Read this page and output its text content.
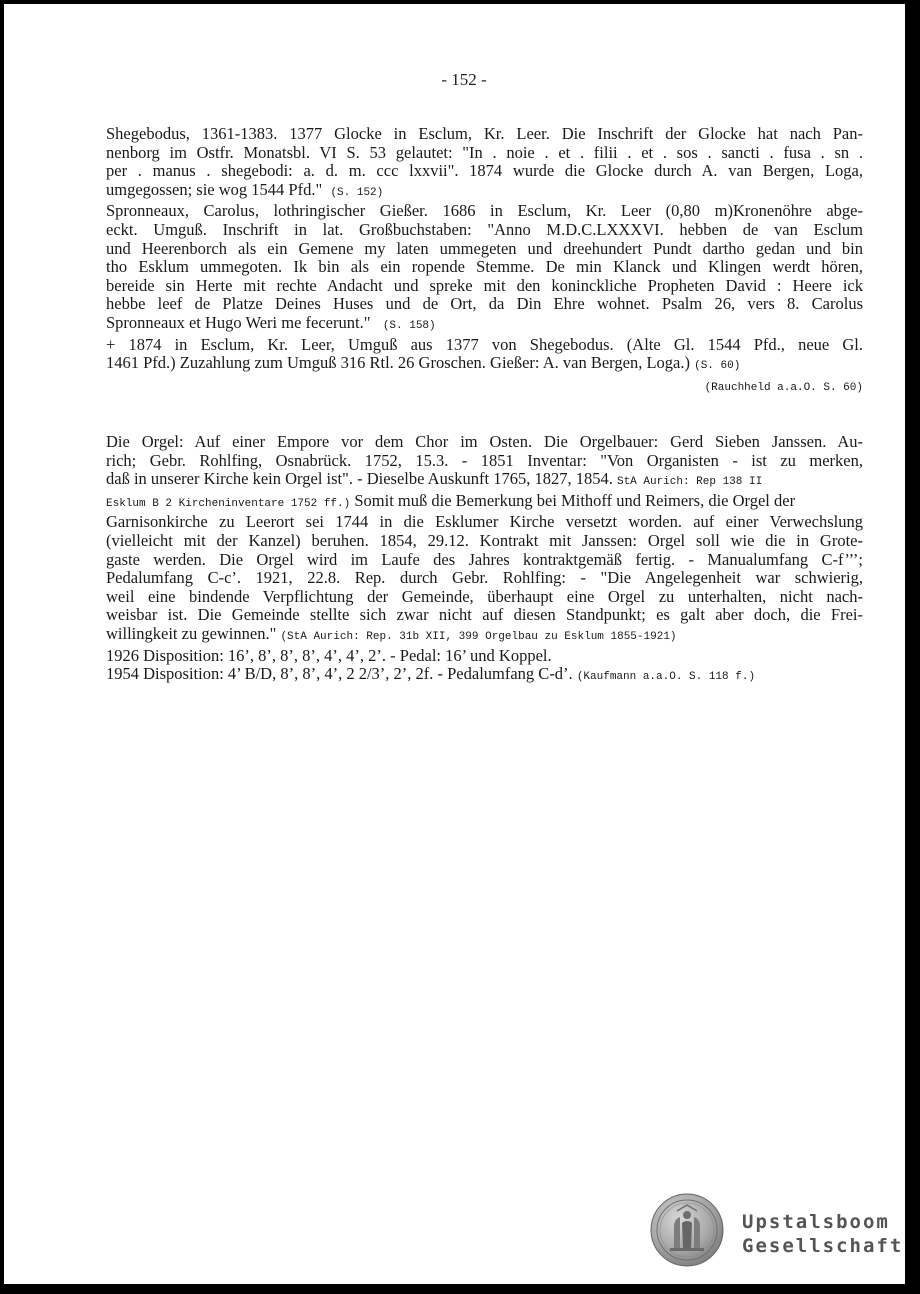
- 152 -

Shegebodus, 1361-1383. 1377 Glocke in Esclum, Kr. Leer. Die Inschrift der Glocke hat nach Pan-

nenborg im Ostfr. Monatsbl. VI S. 53 gelautet: "In . noie . et . filii . et . sos . sancti . fusa . sn .

per . manus . shegebodi: a. d. m. ccc lxxvii". 1874 wurde die Glocke durch A. van Bergen, Loga,

umgegossen; sie wog 1544 Pfd." (S. 152)

Spronneaux, Carolus, lothringischer Gießer. 1686 in Esclum, Kr. Leer (0,80 m)Kronenöhre abge-

eckt. Umguß. Inschrift in lat. Großbuchstaben: "Anno M.D.C.LXXXVI. hebben de van Esclum

und Heerenborch als ein Gemene my laten ummegeten und dreehundert Pundt dartho gedan und bin

tho Esklum ummegoten. Ik bin als ein ropende Stemme. De min Klanck und Klingen werdt hören,

bereide sin Herte mit rechte Andacht und spreke mit den koninckliche Propheten David : Heere ick

hebbe leef de Platze Deines Huses und de Ort, da Din Ehre wohnet. Psalm 26, vers 8. Carolus

Spronneaux et Hugo Weri me fecerunt." (S. 158)

+ 1874 in Esclum, Kr. Leer, Umguß aus 1377 von Shegebodus. (Alte Gl. 1544 Pfd., neue Gl.

1461 Pfd.) Zuzahlung zum Umguß 316 Rtl. 26 Groschen. Gießer: A. van Bergen, Loga.) (S. 60)

(Rauchheld a.a.O. S. 60)

Die Orgel: Auf einer Empore vor dem Chor im Osten. Die Orgelbauer: Gerd Sieben Janssen. Au-

rich; Gebr. Rohlfing, Osnabrück. 1752, 15.3. - 1851 Inventar: "Von Organisten - ist zu merken,

daß in unserer Kirche kein Orgel ist". - Dieselbe Auskunft 1765, 1827, 1854. StA Aurich: Rep 138 II

Esklum B 2 Kircheninventare 1752 ff.) Somit muß die Bemerkung bei Mithoff und Reimers, die Orgel der

Garnisonkirche zu Leerort sei 1744 in die Esklumer Kirche versetzt worden. auf einer Verwechslung

(vielleicht mit der Kanzel) beruhen. 1854, 29.12. Kontrakt mit Janssen: Orgel soll wie die in Grote-

gaste werden. Die Orgel wird im Laufe des Jahres kontraktgemäß fertig. - Manualumfang C-f’’’;

Pedalumfang C-c’. 1921, 22.8. Rep. durch Gebr. Rohlfing: - "Die Angelegenheit war schwierig,

weil eine bindende Verpflichtung der Gemeinde, überhaupt eine Orgel zu unterhalten, nicht nach-

weisbar ist. Die Gemeinde stellte sich zwar nicht auf diesen Standpunkt; es galt aber doch, die Frei-

willingkeit zu gewinnen." (StA Aurich: Rep. 31b XII, 399 Orgelbau zu Esklum 1855-1921)

1926 Disposition: 16’, 8’, 8’, 8’, 4’, 4’, 2’. - Pedal: 16’ und Koppel.

1954 Disposition: 4’ B/D, 8’, 8’, 4’, 2 2/3’, 2’, 2f. - Pedalumfang C-d’. (Kaufmann a.a.O. S. 118 f.)

Upstalsboom
Gesellschaft
